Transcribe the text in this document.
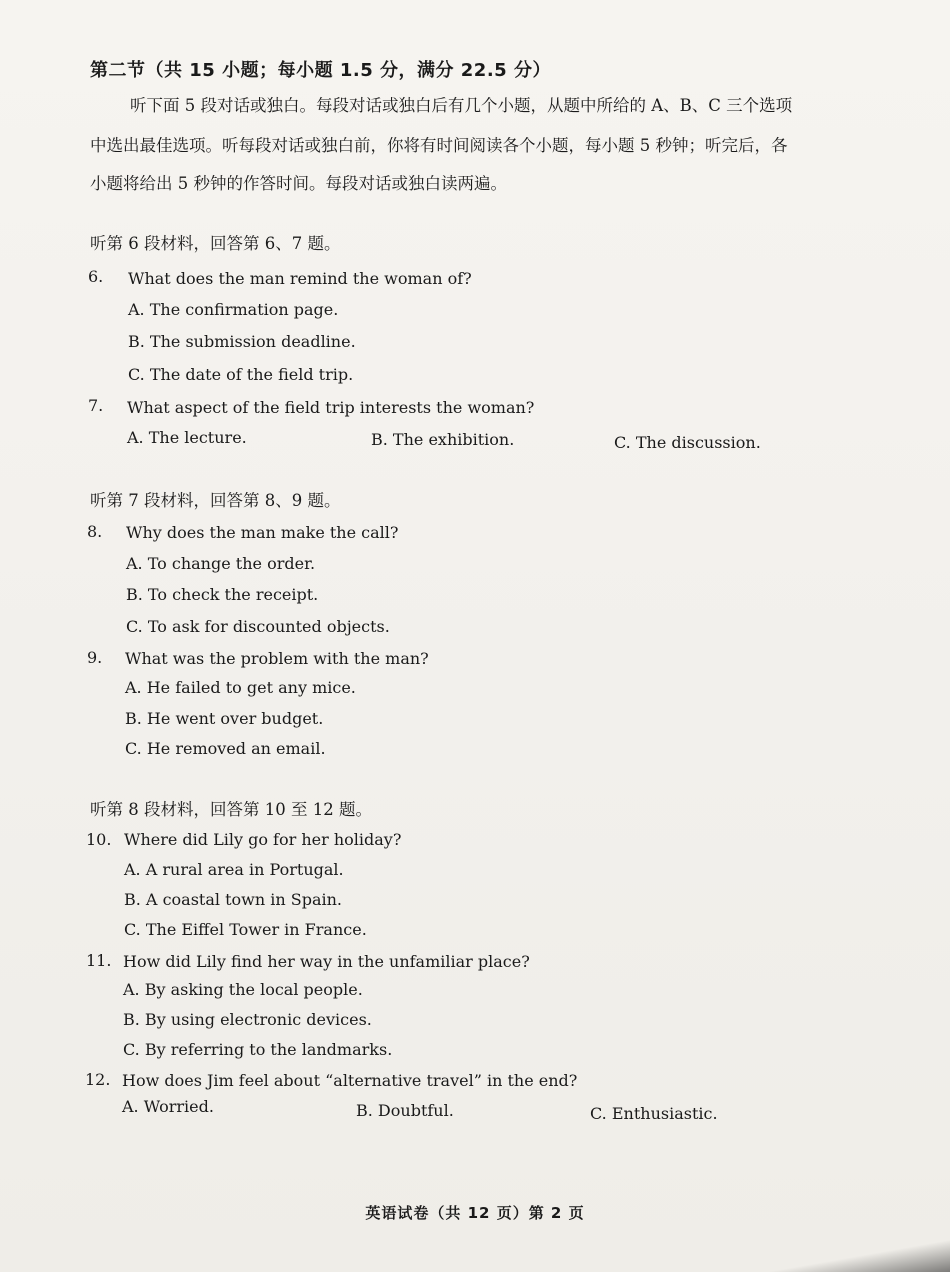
第二节（共 15 小题；每小题 1.5 分，满分 22.5 分）
听下面 5 段对话或独白。每段对话或独白后有几个小题，从题中所给的 A、B、C 三个选项
中选出最佳选项。听每段对话或独白前，你将有时间阅读各个小题，每小题 5 秒钟；听完后，各
小题将给出 5 秒钟的作答时间。每段对话或独白读两遍。
听第 6 段材料，回答第 6、7 题。
6. What does the man remind the woman of?
A. The confirmation page.
B. The submission deadline.
C. The date of the field trip.
7. What aspect of the field trip interests the woman?
A. The lecture.	B. The exhibition.	C. The discussion.
听第 7 段材料，回答第 8、9 题。
8. Why does the man make the call?
A. To change the order.
B. To check the receipt.
C. To ask for discounted objects.
9. What was the problem with the man?
A. He failed to get any mice.
B. He went over budget.
C. He removed an email.
听第 8 段材料，回答第 10 至 12 题。
10. Where did Lily go for her holiday?
A. A rural area in Portugal.
B. A coastal town in Spain.
C. The Eiffel Tower in France.
11. How did Lily find her way in the unfamiliar place?
A. By asking the local people.
B. By using electronic devices.
C. By referring to the landmarks.
12. How does Jim feel about “alternative travel” in the end?
A. Worried.	B. Doubtful.	C. Enthusiastic.
英语试卷（共 12 页）第 2 页
